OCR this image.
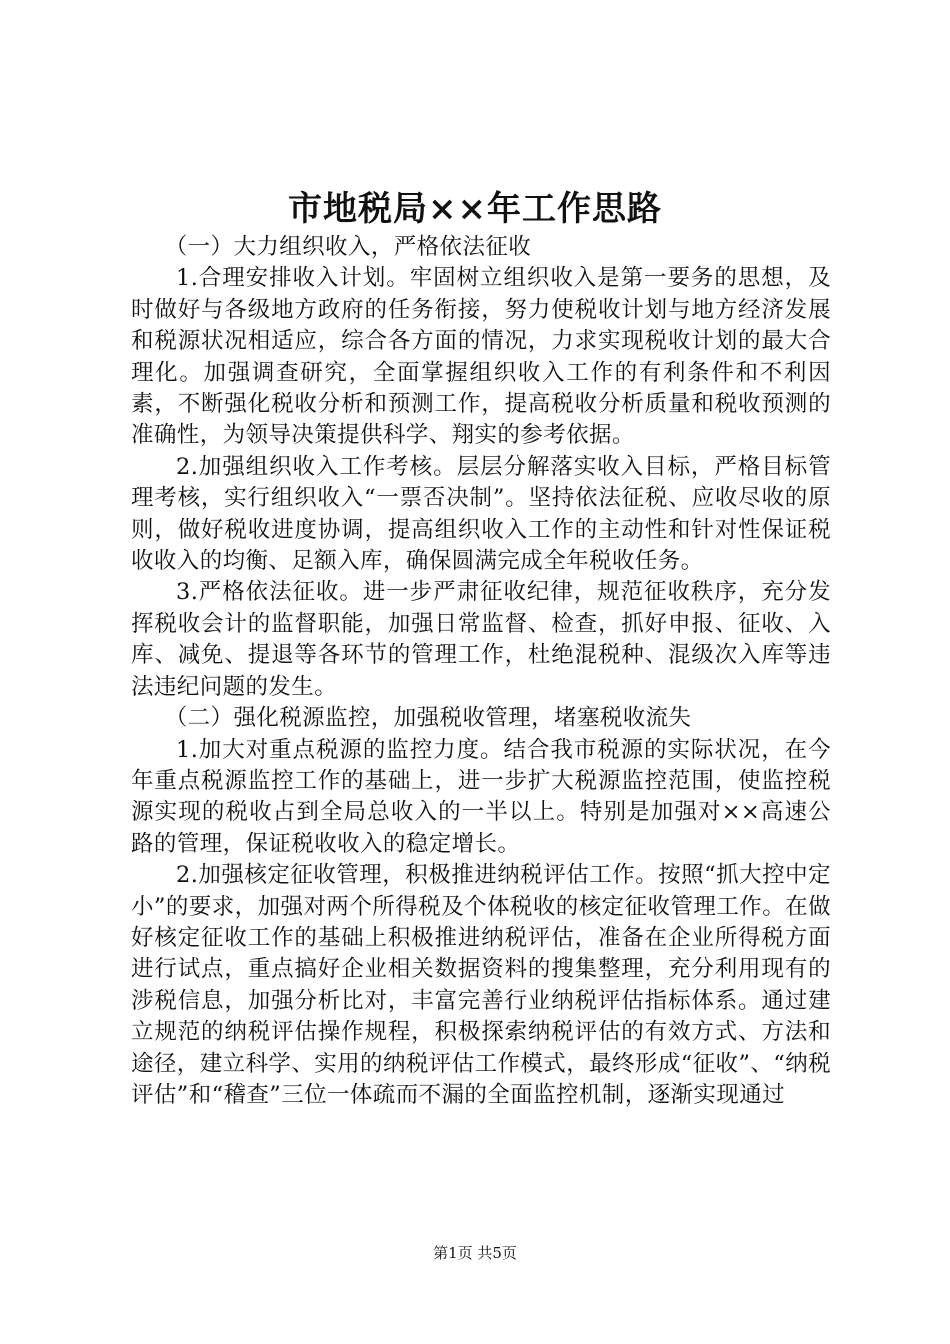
市地税局××年工作思路

（一）大力组织收入，严格依法征收

1.合理安排收入计划。牢固树立组织收入是第一要务的思想，及时做好与各级地方政府的任务衔接，努力使税收计划与地方经济发展和税源状况相适应，综合各方面的情况，力求实现税收计划的最大合理化。加强调查研究，全面掌握组织收入工作的有利条件和不利因素，不断强化税收分析和预测工作，提高税收分析质量和税收预测的准确性，为领导决策提供科学、翔实的参考依据。

2.加强组织收入工作考核。层层分解落实收入目标，严格目标管理考核，实行组织收入“一票否决制”。坚持依法征税、应收尽收的原则，做好税收进度协调，提高组织收入工作的主动性和针对性保证税收收入的均衡、足额入库，确保圆满完成全年税收任务。

3.严格依法征收。进一步严肃征收纪律，规范征收秩序，充分发挥税收会计的监督职能，加强日常监督、检查，抓好申报、征收、入库、减免、提退等各环节的管理工作，杜绝混税种、混级次入库等违法违纪问题的发生。

（二）强化税源监控，加强税收管理，堵塞税收流失

1.加大对重点税源的监控力度。结合我市税源的实际状况，在今年重点税源监控工作的基础上，进一步扩大税源监控范围，使监控税源实现的税收占到全局总收入的一半以上。特别是加强对××高速公路的管理，保证税收收入的稳定增长。

2.加强核定征收管理，积极推进纳税评估工作。按照“抓大控中定小”的要求，加强对两个所得税及个体税收的核定征收管理工作。在做好核定征收工作的基础上积极推进纳税评估，准备在企业所得税方面进行试点，重点搞好企业相关数据资料的搜集整理，充分利用现有的涉税信息，加强分析比对，丰富完善行业纳税评估指标体系。通过建立规范的纳税评估操作规程，积极探索纳税评估的有效方式、方法和途径，建立科学、实用的纳税评估工作模式，最终形成“征收”、“纳税评估”和“稽查”三位一体疏而不漏的全面监控机制，逐渐实现通过

第1页 共5页
